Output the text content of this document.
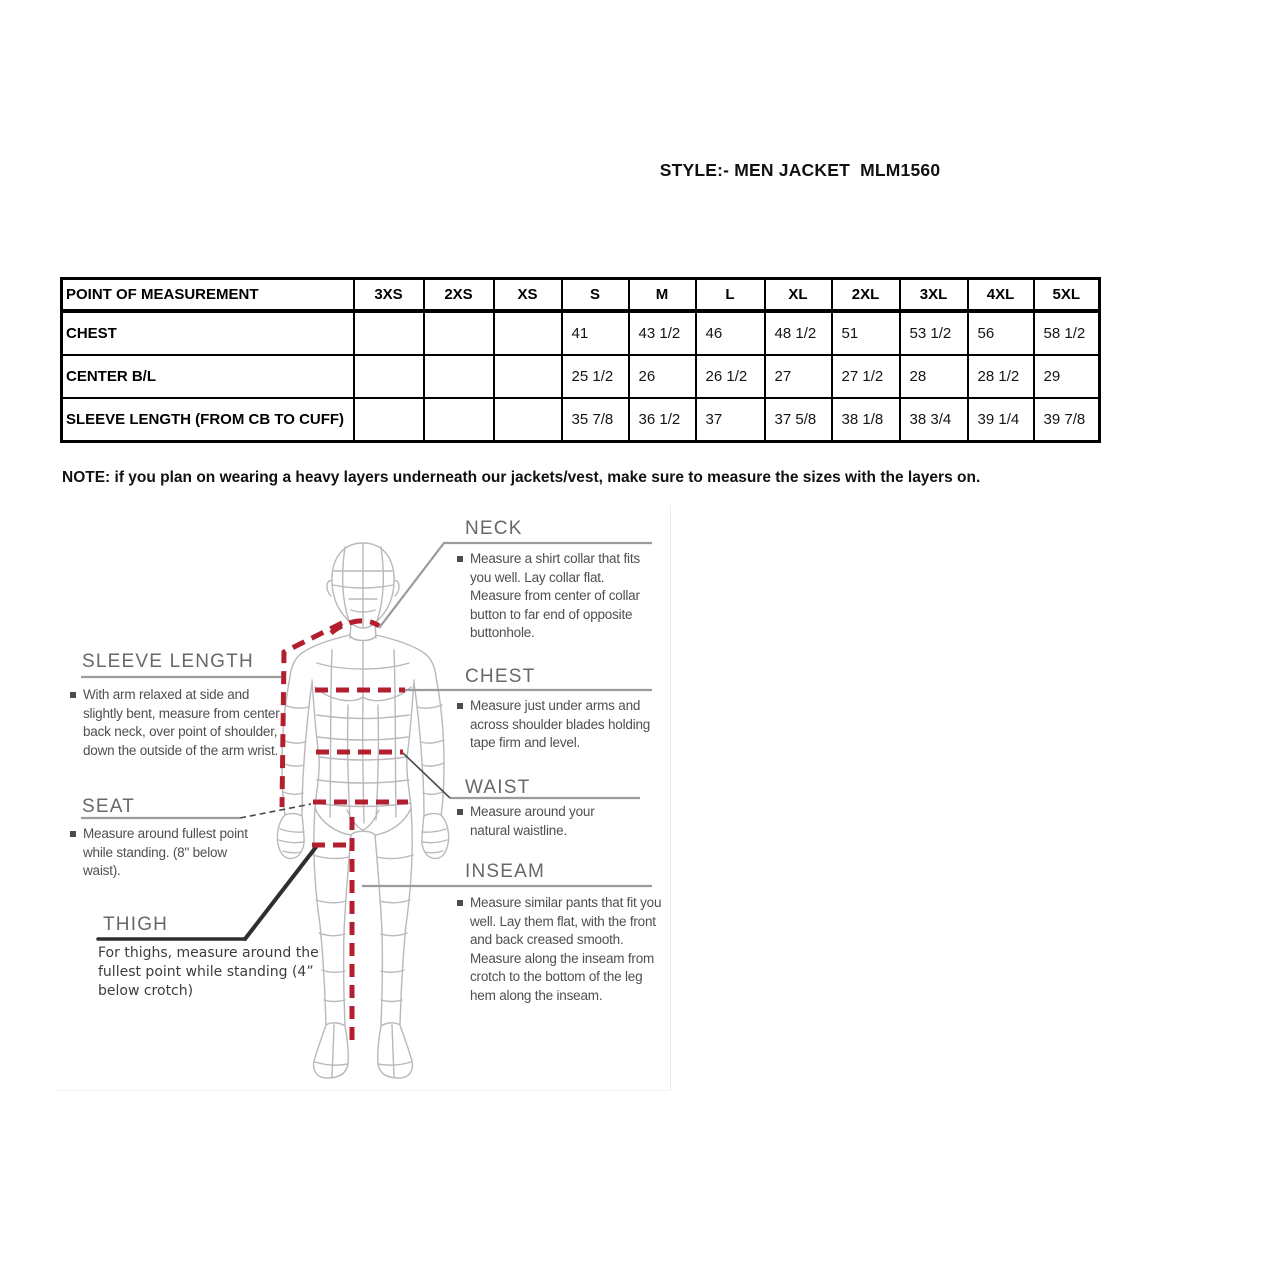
STYLE:- MEN JACKET  MLM1560
POINT OF MEASUREMENT	3XS	2XS	XS	S	M	L	XL	2XL	3XL	4XL	5XL
CHEST				41	43 1/2	46	48 1/2	51	53 1/2	56	58 1/2
CENTER B/L				25 1/2	26	26 1/2	27	27 1/2	28	28 1/2	29
SLEEVE LENGTH (FROM CB TO CUFF)				35 7/8	36 1/2	37	37 5/8	38 1/8	38 3/4	39 1/4	39 7/8
NOTE: if you plan on wearing a heavy layers underneath our jackets/vest, make sure to measure the sizes with the layers on.
NECK

Measure a shirt collar that fits you well. Lay collar flat. Measure from center of collar button to far end of opposite buttonhole.

CHEST

Measure just under arms and across shoulder blades holding tape firm and level.

WAIST

Measure around your natural waistline.

INSEAM

Measure similar pants that fit you well. Lay them flat, with the front and back creased smooth. Measure along the inseam from crotch to the bottom of the leg hem along the inseam.

SLEEVE LENGTH

With arm relaxed at side and slightly bent, measure from center back neck, over point of shoulder, down the outside of the arm wrist.

SEAT

Measure around fullest point while standing. (8" below waist).

THIGH

For thighs, measure around the fullest point while standing (4” below crotch)
